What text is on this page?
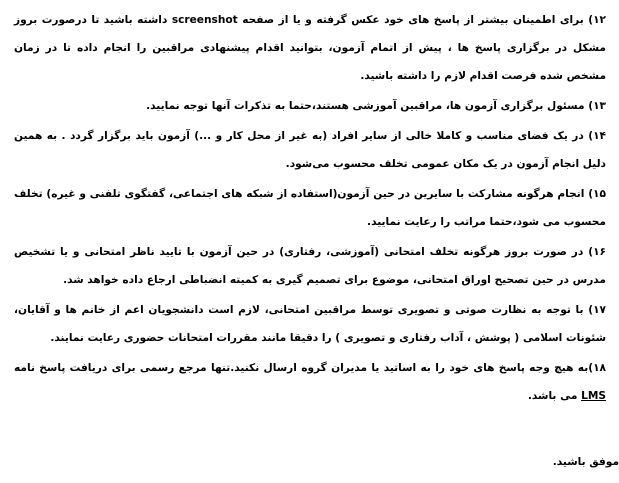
۱۲) برای اطمینان بیشتر از پاسخ های خود عکس گرفته و یا از صفحه screenshot داشته باشید تا درصورت بروز مشکل در برگزاری پاسخ ها ، پیش از اتمام آزمون، بتوانید اقدام پیشنهادی مراقبین را انجام داده تا در زمان مشخص شده فرصت اقدام لازم را داشته باشید.

۱۳) مسئول برگزاری آزمون ها، مراقبین آموزشی هستند،حتما به تذکرات آنها توجه نمایید.

۱۴) در یک فضای مناسب و کاملا خالی از سایر افراد (به غیر از محل کار و ...) آزمون باید برگزار گردد . به همین دلیل انجام آزمون در یک مکان عمومی تخلف محسوب می‌شود.

۱۵) انجام هرگونه مشارکت با سایرین در حین آزمون(استفاده از شبکه های اجتماعی، گفتگوی تلفنی و غیره) تخلف محسوب می شود،حتما مراتب را رعایت نمایید.

۱۶) در صورت بروز هرگونه تخلف امتحانی (آموزشی، رفتاری) در حین آزمون با تایید ناظر امتحانی و یا تشخیص مدرس در حین تصحیح اوراق امتحانی، موضوع برای تصمیم گیری به کمیته انضباطی ارجاع داده خواهد شد.

۱۷) با توجه به نظارت صوتی و تصویری توسط مراقبین امتحانی، لازم است دانشجویان اعم از خانم ها و آقایان، شئونات اسلامی ( پوشش ، آداب رفتاری و تصویری ) را دقیقا مانند مقررات امتحانات حضوری رعایت نمایند.

۱۸)به هیچ وجه پاسخ های خود را به اساتید یا مدیران گروه ارسال نکنید.تنها مرجع رسمی برای دریافت پاسخ نامه LMS می باشد.

موفق باشید.
